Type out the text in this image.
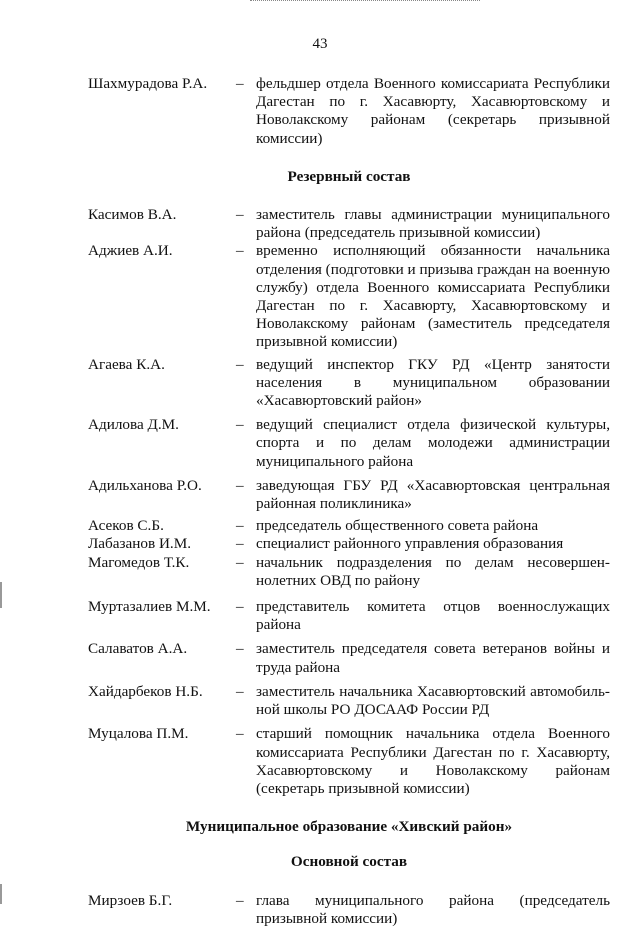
43
Шахмурадова Р.А.	– фельдшер отдела Военного комиссариата Республики Дагестан по г. Хасавюрту, Хасавюртовскому и Новолакскому районам (секретарь призывной комиссии)
Резервный состав
Касимов В.А.	– заместитель главы администрации муниципального района (председатель призывной комиссии)
Аджиев А.И.	– временно исполняющий обязанности начальника отделения (подготовки и призыва граждан на военную службу) отдела Военного комиссариата Республики Дагестан по г. Хасавюрту, Хасавюртовскому и Новолакскому районам (заместитель председателя призывной комиссии)
Агаева К.А.	– ведущий инспектор ГКУ РД «Центр занятости населения в муниципальном образовании «Хасавюртовский район»
Адилова Д.М.	– ведущий специалист отдела физической культуры, спорта и по делам молодежи администрации муниципального района
Адильханова Р.О.	– заведующая ГБУ РД «Хасавюртовская центральная районная поликлиника»
Асеков С.Б.	– председатель общественного совета района
Лабазанов И.М.	– специалист районного управления образования
Магомедов Т.К.	– начальник подразделения по делам несовершен-нолетних ОВД по району
Муртазалиев М.М.	– представитель комитета отцов военнослужащих района
Салаватов А.А.	– заместитель председателя совета ветеранов войны и труда района
Хайдарбеков Н.Б.	– заместитель начальника Хасавюртовский автомобиль-ной школы РО ДОСААФ России РД
Муцалова П.М.	– старший помощник начальника отдела Военного комиссариата Республики Дагестан по г. Хасавюрту, Хасавюртовскому и Новолакскому районам (секретарь призывной комиссии)
Муниципальное образование «Хивский район»
Основной состав
Мирзоев Б.Г.	– глава муниципального района (председатель призывной комиссии)
